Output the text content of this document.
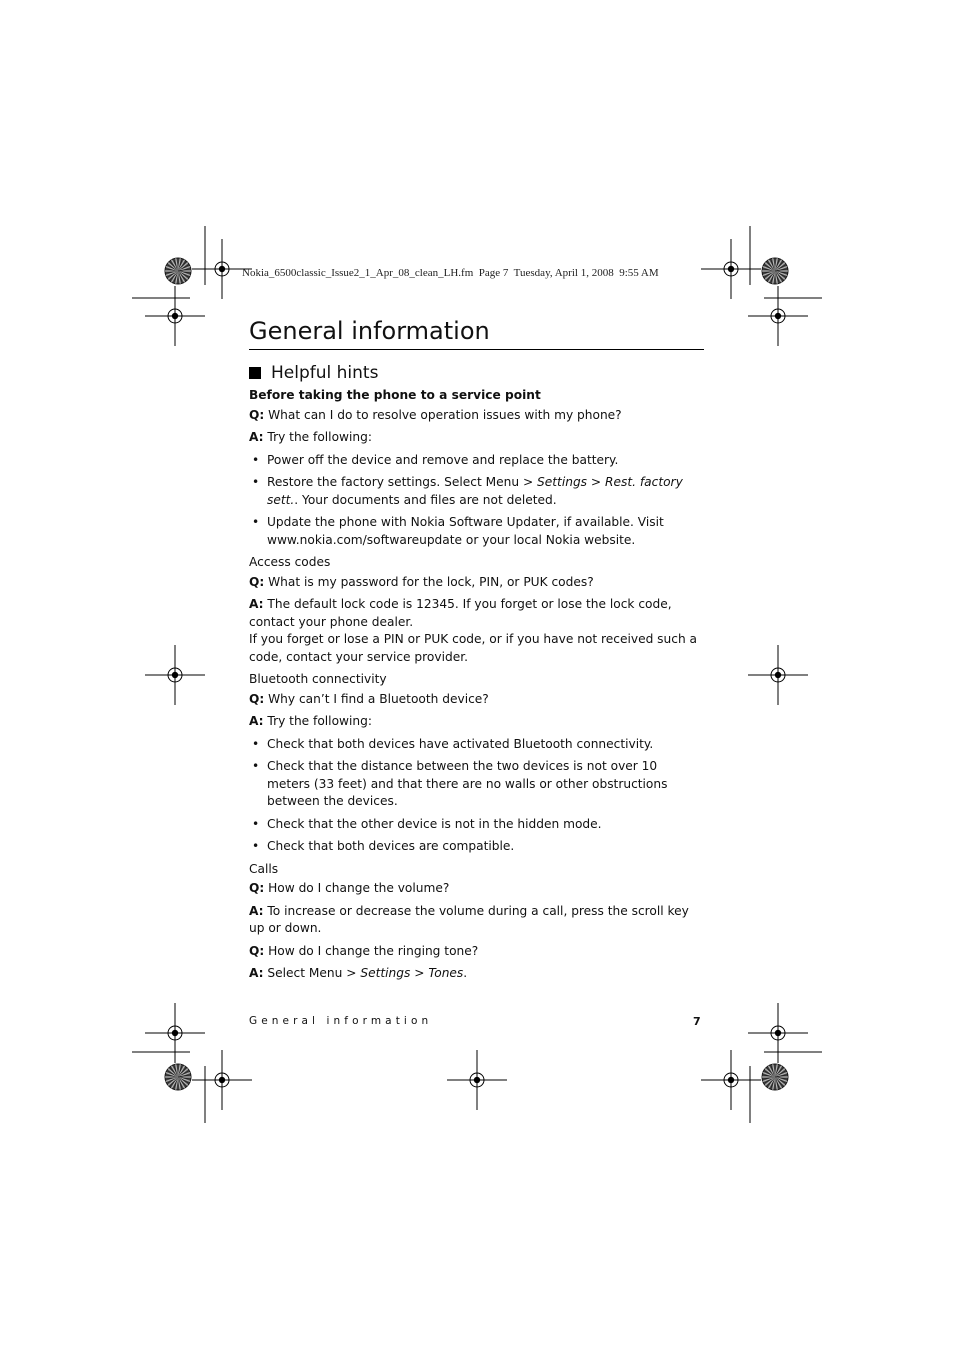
Nokia_6500classic_Issue2_1_Apr_08_clean_LH.fm  Page 7  Tuesday, April 1, 2008  9:55 AM
General information
Helpful hints
Before taking the phone to a service point

Q: What can I do to resolve operation issues with my phone?

A: Try the following:

• Power off the device and remove and replace the battery.
• Restore the factory settings. Select Menu > Settings > Rest. factory sett.. Your documents and files are not deleted.
• Update the phone with Nokia Software Updater, if available. Visit www.nokia.com/softwareupdate or your local Nokia website.
Access codes

Q: What is my password for the lock, PIN, or PUK codes?

A: The default lock code is 12345. If you forget or lose the lock code, contact your phone dealer.

If you forget or lose a PIN or PUK code, or if you have not received such a code, contact your service provider.

Bluetooth connectivity

Q: Why can’t I find a Bluetooth device?

A: Try the following:

• Check that both devices have activated Bluetooth connectivity.
• Check that the distance between the two devices is not over 10 meters (33 feet) and that there are no walls or other obstructions between the devices.
• Check that the other device is not in the hidden mode.
• Check that both devices are compatible.
Calls

Q: How do I change the volume?

A: To increase or decrease the volume during a call, press the scroll key up or down.

Q: How do I change the ringing tone?

A: Select Menu > Settings > Tones.

General information	7
